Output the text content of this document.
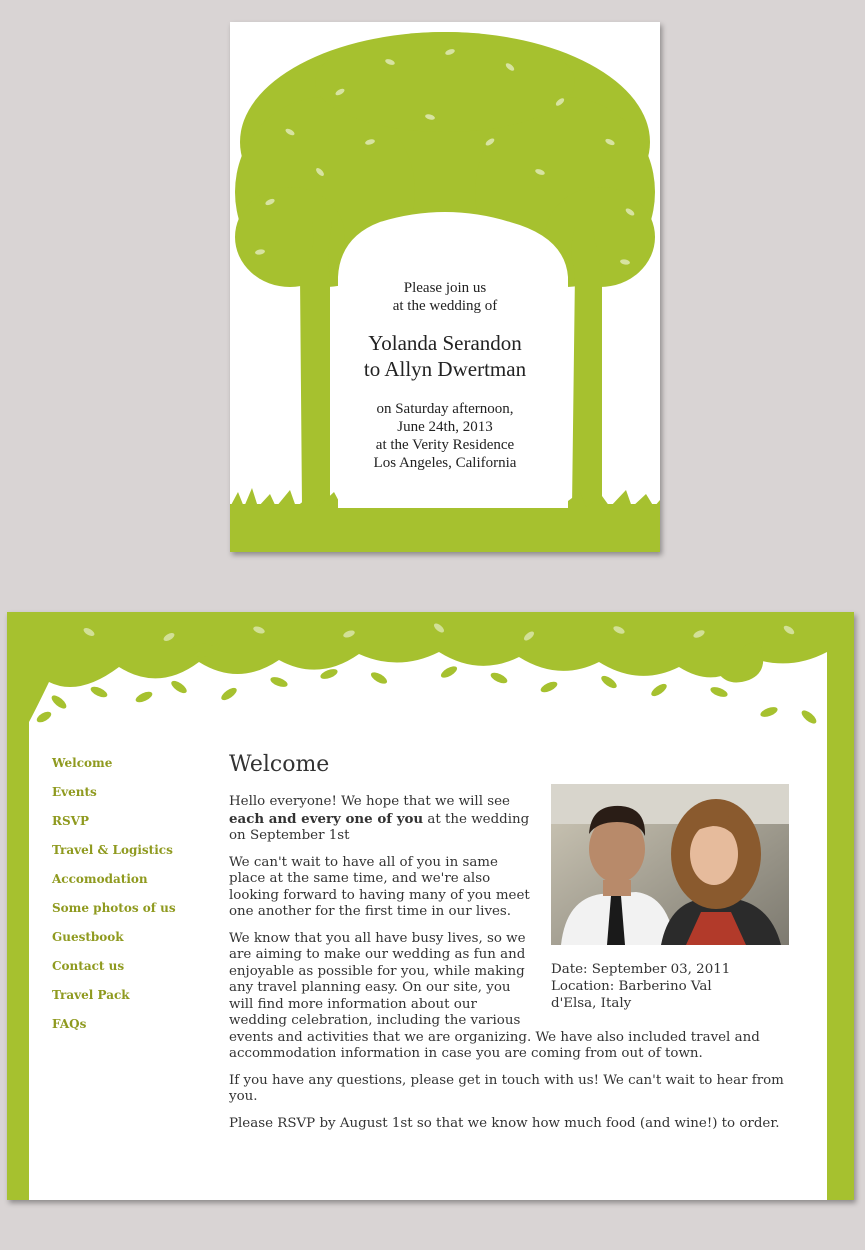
Please join us
at the wedding of
Yolanda Serandon
to Allyn Dwertman
on Saturday afternoon,
June 24th, 2013
at the Verity Residence
Los Angeles, California
Welcome
Events
RSVP
Travel & Logistics
Accomodation
Some photos of us
Guestbook
Contact us
Travel Pack
FAQs
Welcome
Date: September 03, 2011
Location: Barberino Val d'Elsa, Italy

Hello everyone! We hope that we will see each and every one of you at the wedding on September 1st

We can't wait to have all of you in same place at the same time, and we're also looking forward to having many of you meet one another for the first time in our lives.

We know that you all have busy lives, so we are aiming to make our wedding as fun and enjoyable as possible for you, while making any travel planning easy. On our site, you will find more information about our wedding celebration, including the various events and activities that we are organizing. We have also included travel and accommodation information in case you are coming from out of town.

If you have any questions, please get in touch with us! We can't wait to hear from you.

Please RSVP by August 1st so that we know how much food (and wine!) to order.
